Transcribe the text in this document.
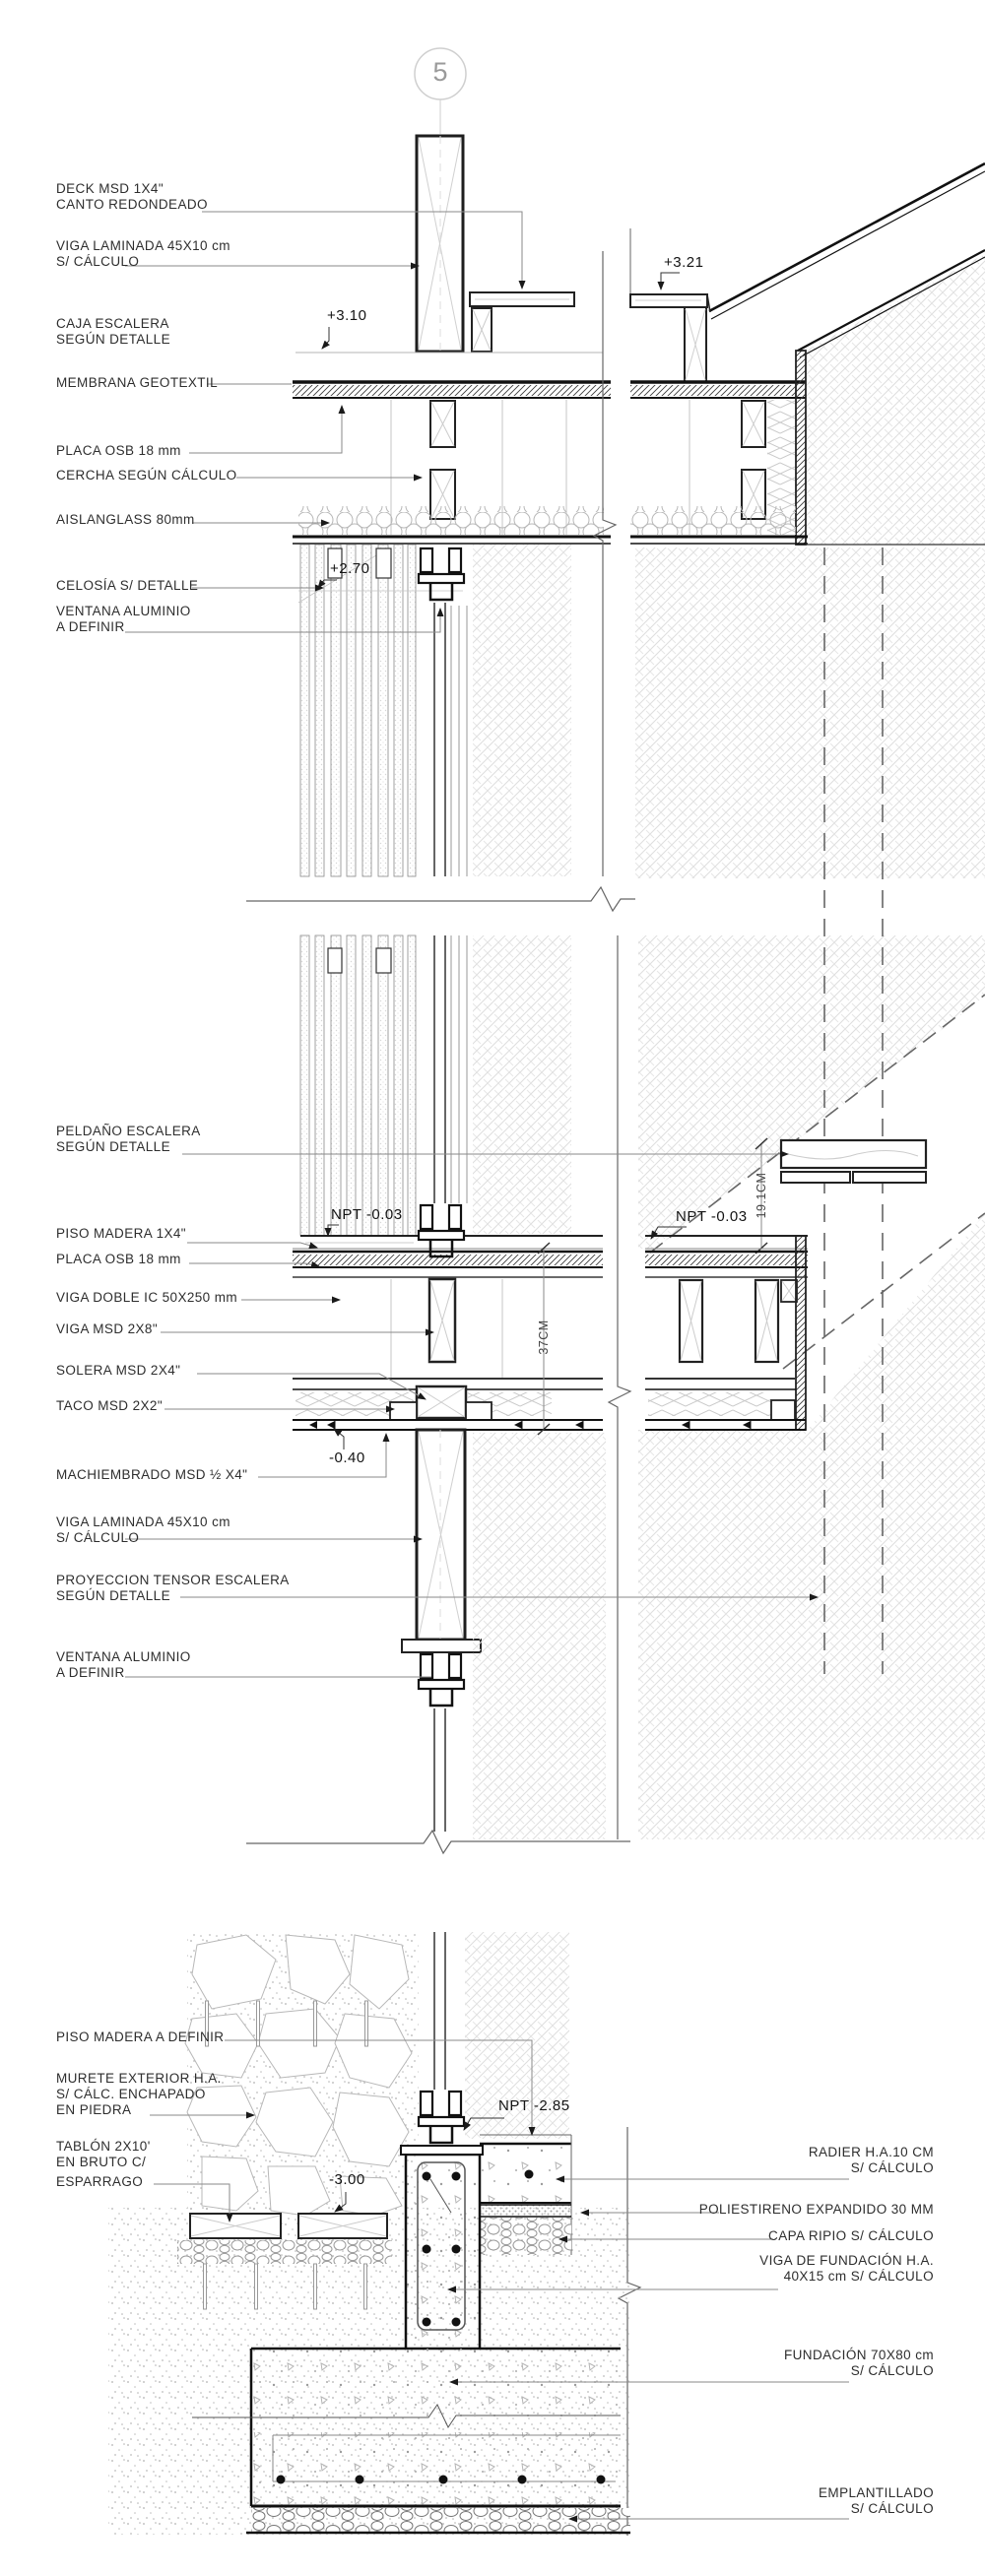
5
DECK MSD 1X4"
CANTO REDONDEADO
VIGA LAMINADA 45X10 cm
S/ CÁLCULO
+3.10
CAJA ESCALERA
SEGÚN DETALLE
MEMBRANA GEOTEXTIL
PLACA OSB 18 mm
CERCHA SEGÚN CÁLCULO
AISLANGLASS 80mm
CELOSÍA S/ DETALLE
VENTANA ALUMINIO
A DEFINIR
+3.21
+2.70
PELDAÑO ESCALERA
SEGÚN DETALLE
NPT -0.03
PISO MADERA 1X4"
PLACA OSB 18 mm
VIGA DOBLE IC 50X250 mm
VIGA MSD 2X8"
SOLERA MSD 2X4"
TACO MSD 2X2"
-0.40
MACHIEMBRADO MSD ½ X4"
VIGA LAMINADA 45X10 cm
S/ CÁLCULO
PROYECCION TENSOR ESCALERA
SEGÚN DETALLE
VENTANA ALUMINIO
A DEFINIR
NPT -0.03 19.1CM
37CM
PISO MADERA A DEFINIR
MURETE EXTERIOR H.A.
S/ CÁLC. ENCHAPADO
EN PIEDRA
TABLÓN 2X10'
EN BRUTO C/
ESPARRAGO	-3.00
NPT -2.85
RADIER H.A.10 CM
S/ CÁLCULO
POLIESTIRENO EXPANDIDO 30 MM
CAPA RIPIO S/ CÁLCULO
VIGA DE FUNDACIÓN H.A.
40X15 cm S/ CÁLCULO
FUNDACIÓN 70X80 cm
S/ CÁLCULO
EMPLANTILLADO
S/ CÁLCULO
